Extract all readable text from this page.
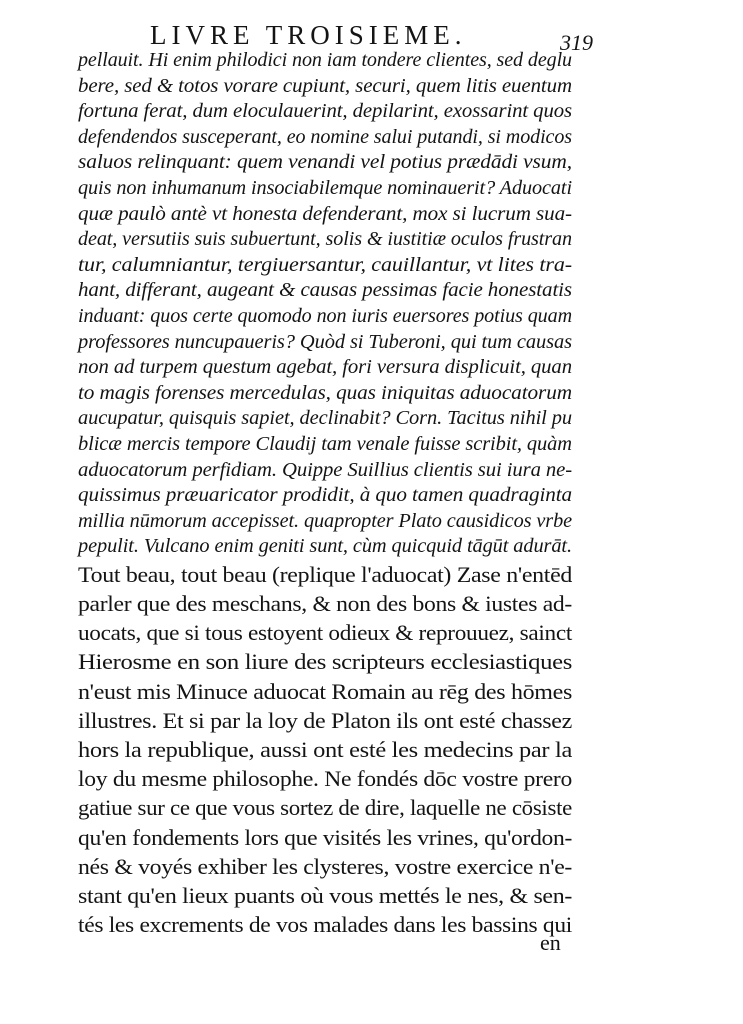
LIVRE TROISIEME.	319
pellauit. Hi enim philodici non iam tondere clientes, sed deglu
bere, sed & totos vorare cupiunt, securi, quem litis euentum
fortuna ferat, dum eloculauerint, depilarint, exossarint quos
defendendos susceperant, eo nomine salui putandi, si modicos
saluos relinquant: quem venandi vel potius prædādi vsum,
quis non inhumanum insociabilemque nominauerit? Aduocati
quæ paulò antè vt honesta defenderant, mox si lucrum sua-
deat, versutiis suis subuertunt, solis & iustitiæ oculos frustran
tur, calumniantur, tergiuersantur, cauillantur, vt lites tra-
hant, differant, augeant & causas pessimas facie honestatis
induant: quos certe quomodo non iuris euersores potius quam
professores nuncupaueris? Quòd si Tuberoni, qui tum causas
non ad turpem questum agebat, fori versura displicuit, quan
to magis forenses mercedulas, quas iniquitas aduocatorum
aucupatur, quisquis sapiet, declinabit? Corn. Tacitus nihil pu
blicæ mercis tempore Claudij tam venale fuisse scribit, quàm
aduocatorum perfidiam. Quippe Suillius clientis sui iura ne-
quissimus præuaricator prodidit, à quo tamen quadraginta
millia nūmorum accepisset. quapropter Plato causidicos vrbe
pepulit. Vulcano enim geniti sunt, cùm quicquid tāgūt adurāt.
Tout beau, tout beau (replique l'aduocat) Zase n'entēd
parler que des meschans, & non des bons & iustes ad-
uocats, que si tous estoyent odieux & reprouuez, sainct
Hierosme en son liure des scripteurs ecclesiastiques
n'eust mis Minuce aduocat Romain au rēg des hōmes
illustres. Et si par la loy de Platon ils ont esté chassez
hors la republique, aussi ont esté les medecins par la
loy du mesme philosophe. Ne fondés dōc vostre prero
gatiue sur ce que vous sortez de dire, laquelle ne cōsiste
qu'en fondements lors que visités les vrines, qu'ordon-
nés & voyés exhiber les clysteres, vostre exercice n'e-
stant qu'en lieux puants où vous mettés le nes, & sen-
tés les excrements de vos malades dans les bassins qui
en
